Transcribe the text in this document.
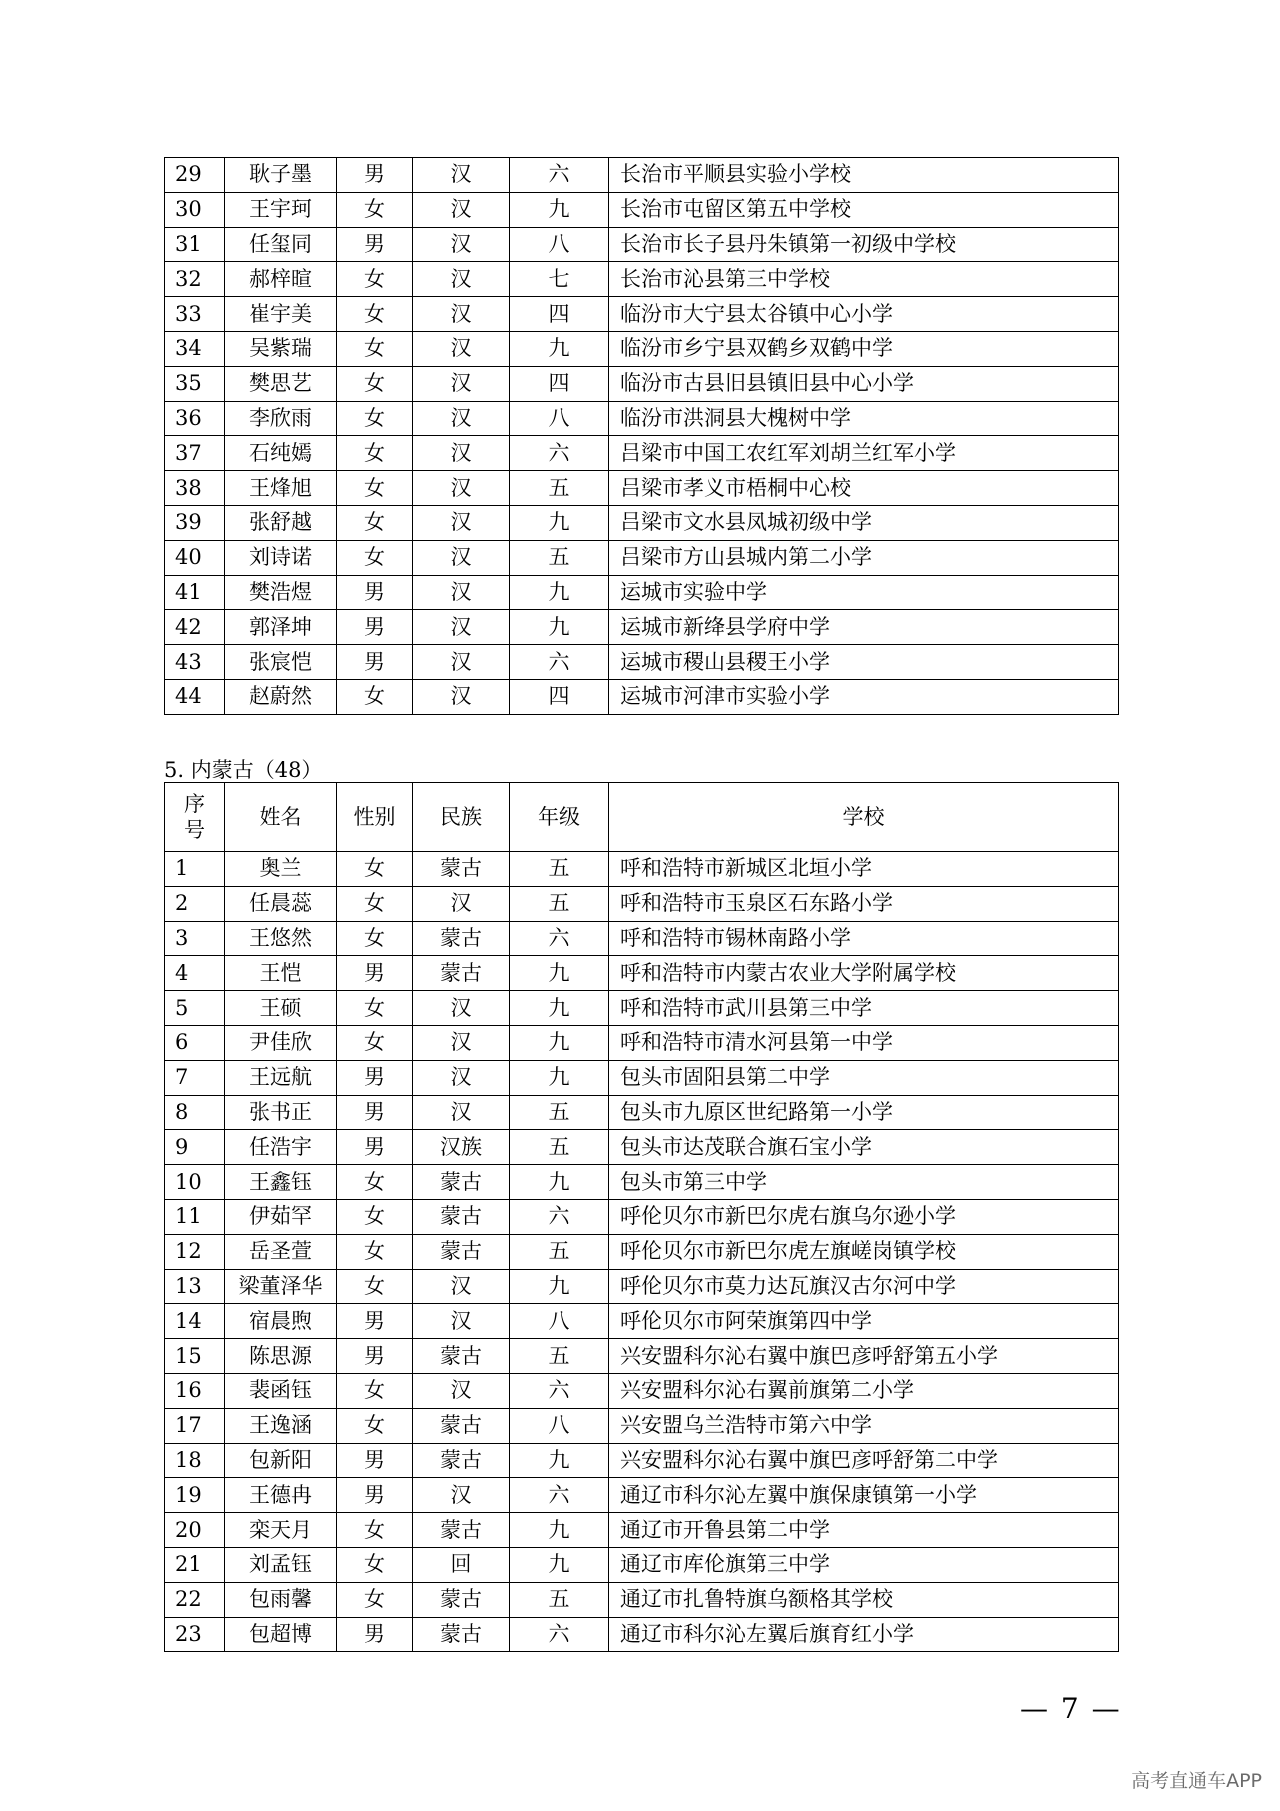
29	耿子墨	男	汉	六	长治市平顺县实验小学校
30	王宇珂	女	汉	九	长治市屯留区第五中学校
31	任玺同	男	汉	八	长治市长子县丹朱镇第一初级中学校
32	郝梓暄	女	汉	七	长治市沁县第三中学校
33	崔宇美	女	汉	四	临汾市大宁县太谷镇中心小学
34	吴紫瑞	女	汉	九	临汾市乡宁县双鹤乡双鹤中学
35	樊思艺	女	汉	四	临汾市古县旧县镇旧县中心小学
36	李欣雨	女	汉	八	临汾市洪洞县大槐树中学
37	石纯嫣	女	汉	六	吕梁市中国工农红军刘胡兰红军小学
38	王烽旭	女	汉	五	吕梁市孝义市梧桐中心校
39	张舒越	女	汉	九	吕梁市文水县凤城初级中学
40	刘诗诺	女	汉	五	吕梁市方山县城内第二小学
41	樊浩煜	男	汉	九	运城市实验中学
42	郭泽坤	男	汉	九	运城市新绛县学府中学
43	张宸恺	男	汉	六	运城市稷山县稷王小学
44	赵蔚然	女	汉	四	运城市河津市实验小学
5. 内蒙古（48）
序
号	姓名	性别	民族	年级	学校
1	奥兰	女	蒙古	五	呼和浩特市新城区北垣小学
2	任晨蕊	女	汉	五	呼和浩特市玉泉区石东路小学
3	王悠然	女	蒙古	六	呼和浩特市锡林南路小学
4	王恺	男	蒙古	九	呼和浩特市内蒙古农业大学附属学校
5	王硕	女	汉	九	呼和浩特市武川县第三中学
6	尹佳欣	女	汉	九	呼和浩特市清水河县第一中学
7	王远航	男	汉	九	包头市固阳县第二中学
8	张书正	男	汉	五	包头市九原区世纪路第一小学
9	任浩宇	男	汉族	五	包头市达茂联合旗石宝小学
10	王鑫钰	女	蒙古	九	包头市第三中学
11	伊茹罕	女	蒙古	六	呼伦贝尔市新巴尔虎右旗乌尔逊小学
12	岳圣萱	女	蒙古	五	呼伦贝尔市新巴尔虎左旗嵯岗镇学校
13	梁董泽华	女	汉	九	呼伦贝尔市莫力达瓦旗汉古尔河中学
14	宿晨煦	男	汉	八	呼伦贝尔市阿荣旗第四中学
15	陈思源	男	蒙古	五	兴安盟科尔沁右翼中旗巴彦呼舒第五小学
16	裴函钰	女	汉	六	兴安盟科尔沁右翼前旗第二小学
17	王逸涵	女	蒙古	八	兴安盟乌兰浩特市第六中学
18	包新阳	男	蒙古	九	兴安盟科尔沁右翼中旗巴彦呼舒第二中学
19	王德冉	男	汉	六	通辽市科尔沁左翼中旗保康镇第一小学
20	栾天月	女	蒙古	九	通辽市开鲁县第二中学
21	刘孟钰	女	回	九	通辽市库伦旗第三中学
22	包雨馨	女	蒙古	五	通辽市扎鲁特旗乌额格其学校
23	包超博	男	蒙古	六	通辽市科尔沁左翼后旗育红小学
— 7 —
高考直通车APP
